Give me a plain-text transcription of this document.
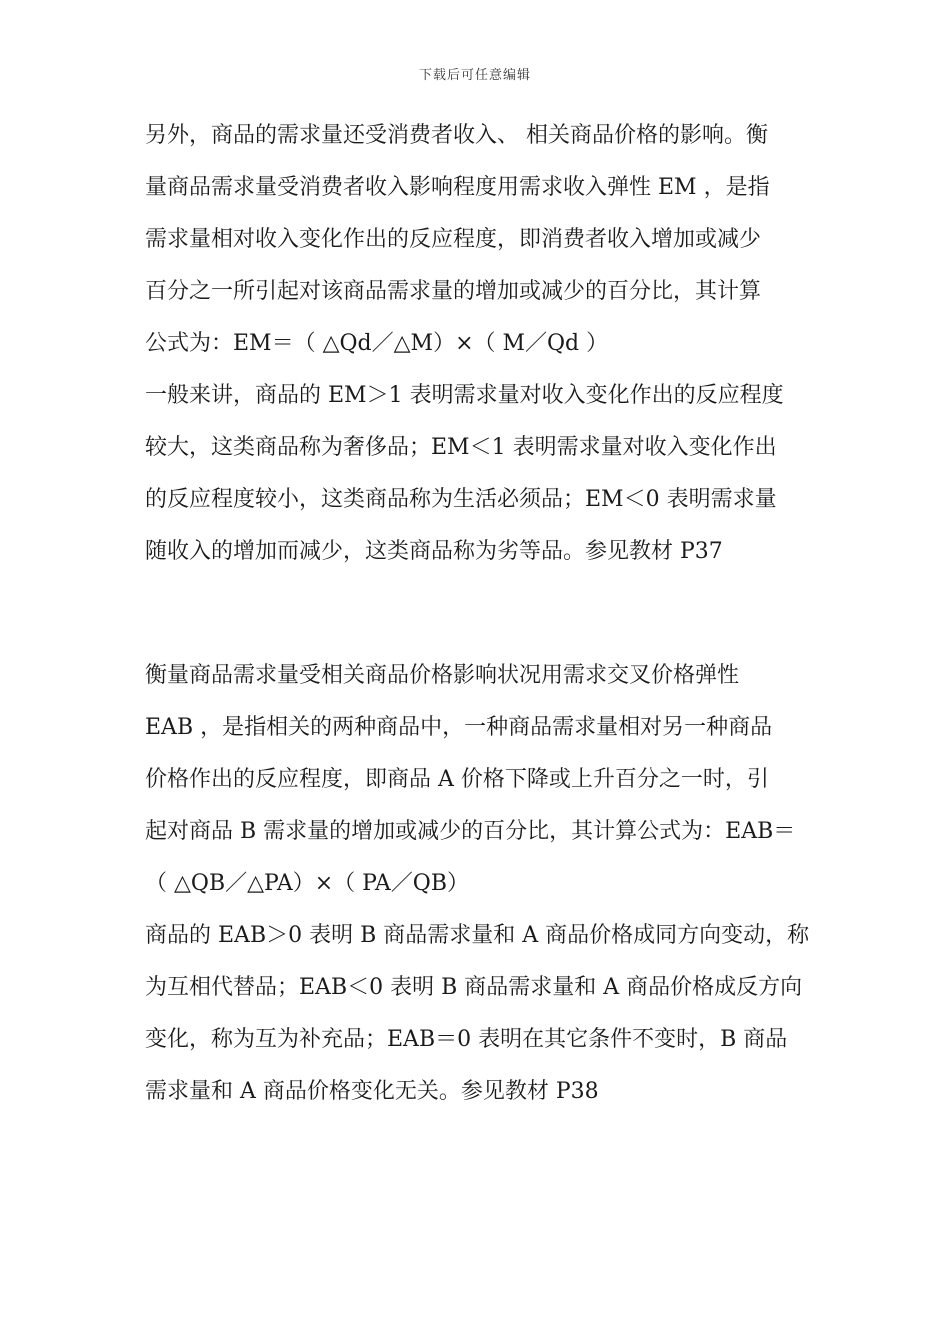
下载后可任意编辑
另外，商品的需求量还受消费者收入、 相关商品价格的影响。衡
量商品需求量受消费者收入影响程度用需求收入弹性 EM ，是指
需求量相对收入变化作出的反应程度，即消费者收入增加或减少
百分之一所引起对该商品需求量的增加或减少的百分比，其计算
公式为：EM＝（ △Qd／△M）×（ M／Qd ）
一般来讲，商品的 EM＞1 表明需求量对收入变化作出的反应程度
较大，这类商品称为奢侈品；EM＜1 表明需求量对收入变化作出
的反应程度较小，这类商品称为生活必须品；EM＜0 表明需求量
随收入的增加而减少，这类商品称为劣等品。参见教材 P37
衡量商品需求量受相关商品价格影响状况用需求交叉价格弹性
EAB ，是指相关的两种商品中，一种商品需求量相对另一种商品
价格作出的反应程度，即商品 A 价格下降或上升百分之一时，引
起对商品 B 需求量的增加或减少的百分比，其计算公式为：EAB＝
（ △QB／△PA）×（ PA／QB）
商品的 EAB＞0 表明 B 商品需求量和 A 商品价格成同方向变动，称
为互相代替品；EAB＜0 表明 B 商品需求量和 A 商品价格成反方向
变化，称为互为补充品；EAB＝0 表明在其它条件不变时，B 商品
需求量和 A 商品价格变化无关。参见教材 P38
